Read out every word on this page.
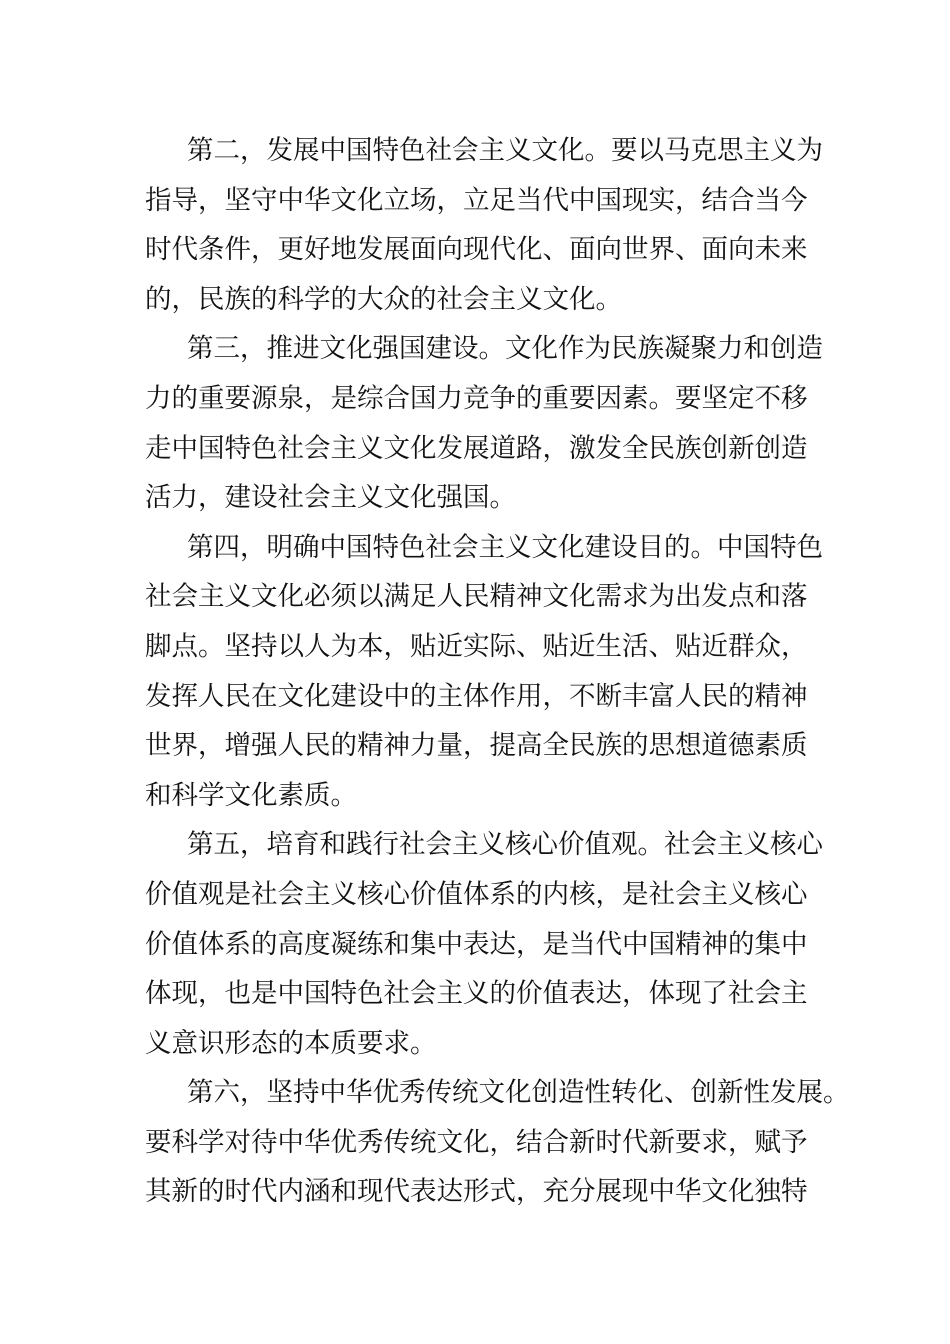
第二，发展中国特色社会主义文化。要以马克思主义为
指导，坚守中华文化立场，立足当代中国现实，结合当今
时代条件，更好地发展面向现代化、面向世界、面向未来
的，民族的科学的大众的社会主义文化。
第三，推进文化强国建设。文化作为民族凝聚力和创造
力的重要源泉，是综合国力竞争的重要因素。要坚定不移
走中国特色社会主义文化发展道路，激发全民族创新创造
活力，建设社会主义文化强国。
第四，明确中国特色社会主义文化建设目的。中国特色
社会主义文化必须以满足人民精神文化需求为出发点和落
脚点。坚持以人为本，贴近实际、贴近生活、贴近群众，
发挥人民在文化建设中的主体作用，不断丰富人民的精神
世界，增强人民的精神力量，提高全民族的思想道德素质
和科学文化素质。
第五，培育和践行社会主义核心价值观。社会主义核心
价值观是社会主义核心价值体系的内核，是社会主义核心
价值体系的高度凝练和集中表达，是当代中国精神的集中
体现，也是中国特色社会主义的价值表达，体现了社会主
义意识形态的本质要求。
第六，坚持中华优秀传统文化创造性转化、创新性发展。
要科学对待中华优秀传统文化，结合新时代新要求，赋予
其新的时代内涵和现代表达形式，充分展现中华文化独特
